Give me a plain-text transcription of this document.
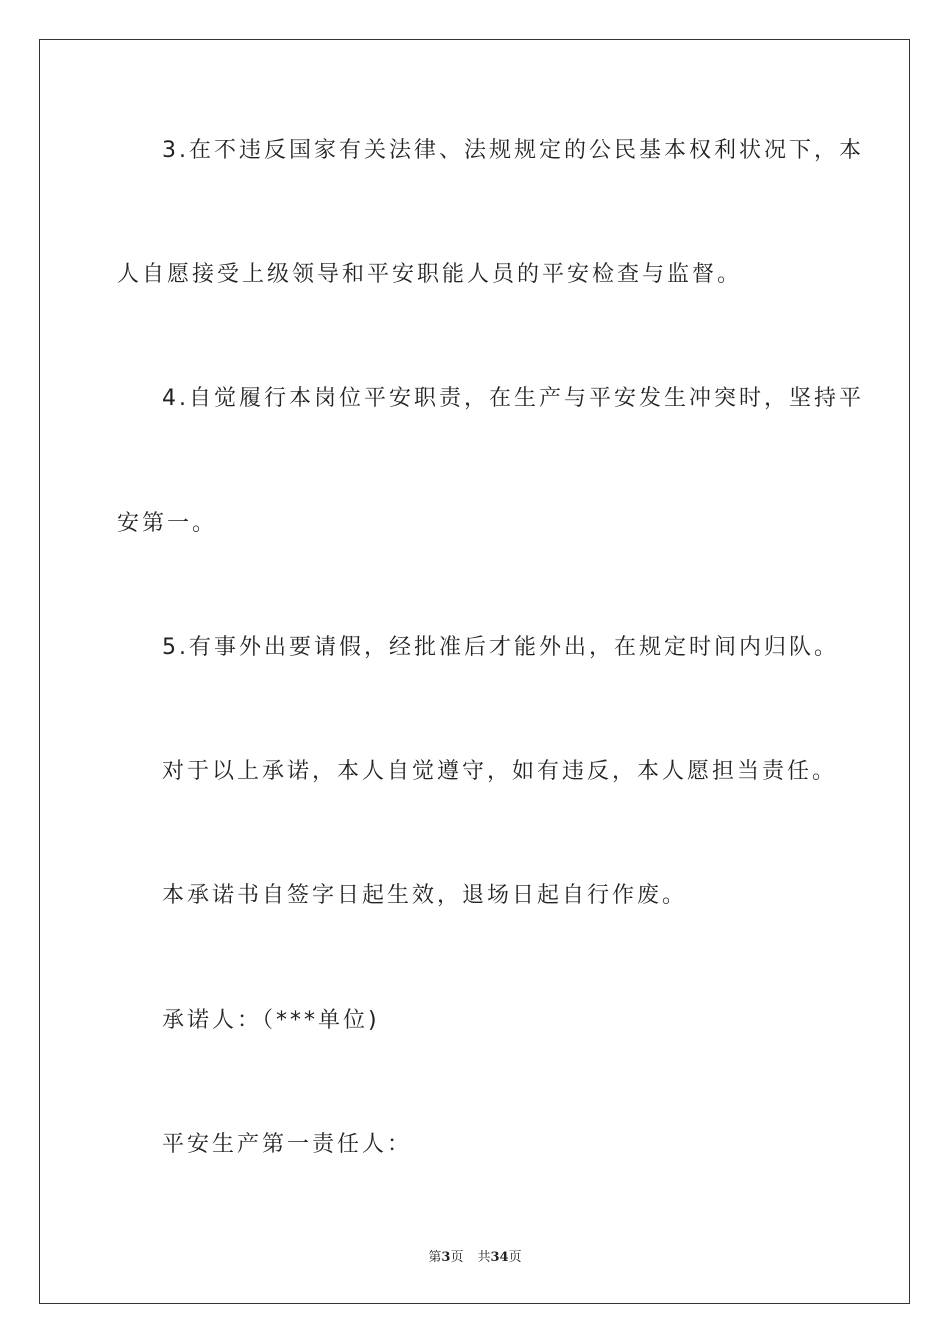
3.在不违反国家有关法律、法规规定的公民基本权利状况下，本
人自愿接受上级领导和平安职能人员的平安检查与监督。
4.自觉履行本岗位平安职责，在生产与平安发生冲突时，坚持平
安第一。
5.有事外出要请假，经批准后才能外出，在规定时间内归队。
对于以上承诺，本人自觉遵守，如有违反，本人愿担当责任。
本承诺书自签字日起生效，退场日起自行作废。
承诺人：（***单位)
平安生产第一责任人：
第3页 共34页
